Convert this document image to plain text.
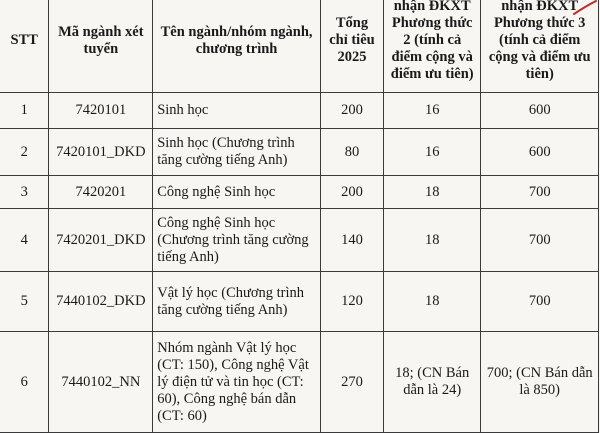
STT	Mã ngành xét tuyển	Tên ngành/nhóm ngành, chương trình	Tổng chỉ tiêu 2025	nhận ĐKXT Phương thức 2 (tính cả điểm cộng và điểm ưu tiên)	nhận ĐKXT Phương thức 3 (tính cả điểm cộng và điểm ưu tiên)
1	7420101	Sinh học	200	16	600
2	7420101_DKD	Sinh học (Chương trình tăng cường tiếng Anh)	80	16	600
3	7420201	Công nghệ Sinh học	200	18	700
4	7420201_DKD	Công nghệ Sinh học (Chương trình tăng cường tiếng Anh)	140	18	700
5	7440102_DKD	Vật lý học (Chương trình tăng cường tiếng Anh)	120	18	700
6	7440102_NN	Nhóm ngành Vật lý học (CT: 150), Công nghệ Vật lý điện tử và tin học (CT: 60), Công nghệ bán dẫn (CT: 60)	270	18; (CN Bán dẫn là 24)	700; (CN Bán dẫn là 850)
